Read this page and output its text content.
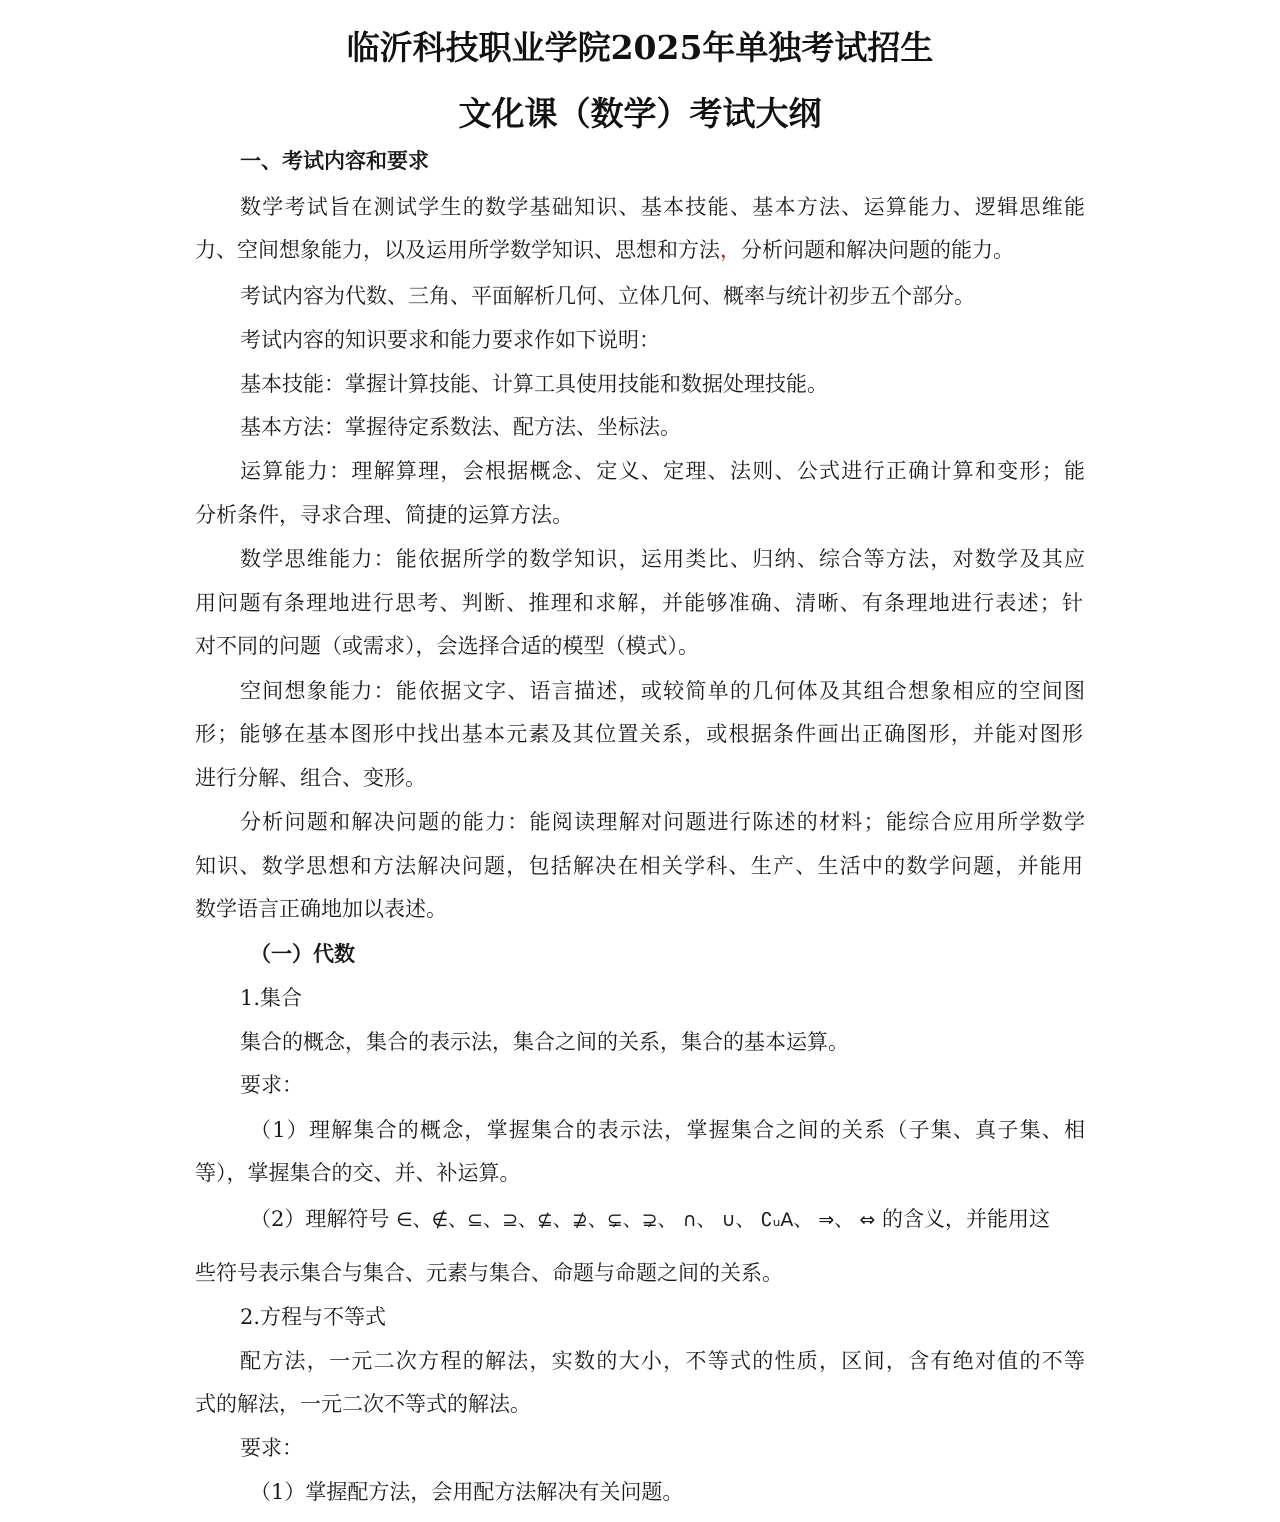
临沂科技职业学院2025年单独考试招生
文化课（数学）考试大纲
一、考试内容和要求
数学考试旨在测试学生的数学基础知识、基本技能、基本方法、运算能力、逻辑思维能
力、空间想象能力，以及运用所学数学知识、思想和方法，分析问题和解决问题的能力。
考试内容为代数、三角、平面解析几何、立体几何、概率与统计初步五个部分。
考试内容的知识要求和能力要求作如下说明：
基本技能：掌握计算技能、计算工具使用技能和数据处理技能。
基本方法：掌握待定系数法、配方法、坐标法。
运算能力：理解算理，会根据概念、定义、定理、法则、公式进行正确计算和变形；能
分析条件，寻求合理、简捷的运算方法。
数学思维能力：能依据所学的数学知识，运用类比、归纳、综合等方法，对数学及其应
用问题有条理地进行思考、判断、推理和求解，并能够准确、清晰、有条理地进行表述；针
对不同的问题（或需求），会选择合适的模型（模式）。
空间想象能力：能依据文字、语言描述，或较简单的几何体及其组合想象相应的空间图
形；能够在基本图形中找出基本元素及其位置关系，或根据条件画出正确图形，并能对图形
进行分解、组合、变形。
分析问题和解决问题的能力：能阅读理解对问题进行陈述的材料；能综合应用所学数学
知识、数学思想和方法解决问题，包括解决在相关学科、生产、生活中的数学问题，并能用
数学语言正确地加以表述。
（一）代数
1.集合
集合的概念，集合的表示法，集合之间的关系，集合的基本运算。
要求：
（1）理解集合的概念，掌握集合的表示法，掌握集合之间的关系（子集、真子集、相
等），掌握集合的交、并、补运算。
（2）理解符号 ∈、∉、⊆、⊇、⊈、⊉、⊊、⊋、 ∩、 ∪、 ∁ᵤA、 ⇒、 ⇔ 的含义，并能用这
些符号表示集合与集合、元素与集合、命题与命题之间的关系。
2.方程与不等式
配方法，一元二次方程的解法，实数的大小，不等式的性质，区间，含有绝对值的不等
式的解法，一元二次不等式的解法。
要求：
（1）掌握配方法，会用配方法解决有关问题。
